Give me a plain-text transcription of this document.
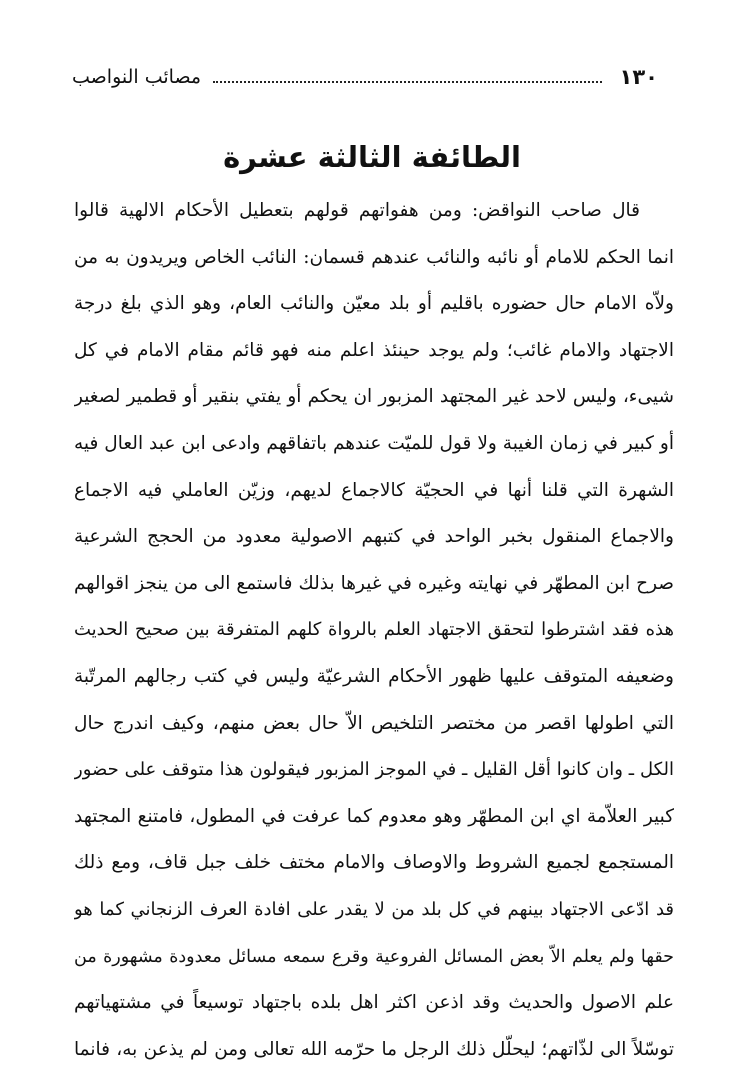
١٣٠
مصائب النواصب
الطائفة الثالثة عشرة
قال صاحب النواقض: ومن هفواتهم قولهم بتعطيل الأحكام الالهية قالوا
انما الحكم للامام أو نائبه والنائب عندهم قسمان: النائب الخاص ويريدون به من
ولاّه الامام حال حضوره باقليم أو بلد معيّن والنائب العام، وهو الذي بلغ درجة
الاجتهاد والامام غائب؛ ولم يوجد حينئذ اعلم منه فهو قائم مقام الامام في كل
شيىء، وليس لاحد غير المجتهد المزبور ان يحكم أو يفتي بنقير أو قطمير لصغير
أو كبير في زمان الغيبة ولا قول للميّت عندهم باتفاقهم وادعى ابن عبد العال فيه
الشهرة التي قلنا أنها في الحجيّة كالاجماع لديهم، وزيّن العاملي فيه الاجماع
والاجماع المنقول بخبر الواحد في كتبهم الاصولية معدود من الحجج الشرعية
صرح ابن المطهّر في نهايته وغيره في غيرها بذلك فاستمع الى من ينجز اقوالهم
هذه فقد اشترطوا لتحقق الاجتهاد العلم بالرواة كلهم المتفرقة بين صحيح الحديث
وضعيفه المتوقف عليها ظهور الأحكام الشرعيّة وليس في كتب رجالهم المرتّبة
التي اطولها اقصر من مختصر التلخيص الاّ حال بعض منهم، وكيف اندرج حال
الكل ـ وان كانوا أقل القليل ـ في الموجز المزبور فيقولون هذا متوقف على حضور
كبير العلاّمة اي ابن المطهّر وهو معدوم كما عرفت في المطول، فامتنع المجتهد
المستجمع لجميع الشروط والاوصاف والامام مختف خلف جبل قاف، ومع ذلك
قد ادّعى الاجتهاد بينهم في كل بلد من لا يقدر على افادة العرف الزنجاني كما هو
حقها ولم يعلم الاّ بعض المسائل الفروعية وقرع سمعه مسائل معدودة مشهورة من
علم الاصول والحديث وقد اذعن اكثر اهل بلده باجتهاد توسيعاً في مشتهياتهم
توسّلاً الى لذّاتهم؛ ليحلّل ذلك الرجل ما حرّمه الله تعالى ومن لم يذعن به، فانما
